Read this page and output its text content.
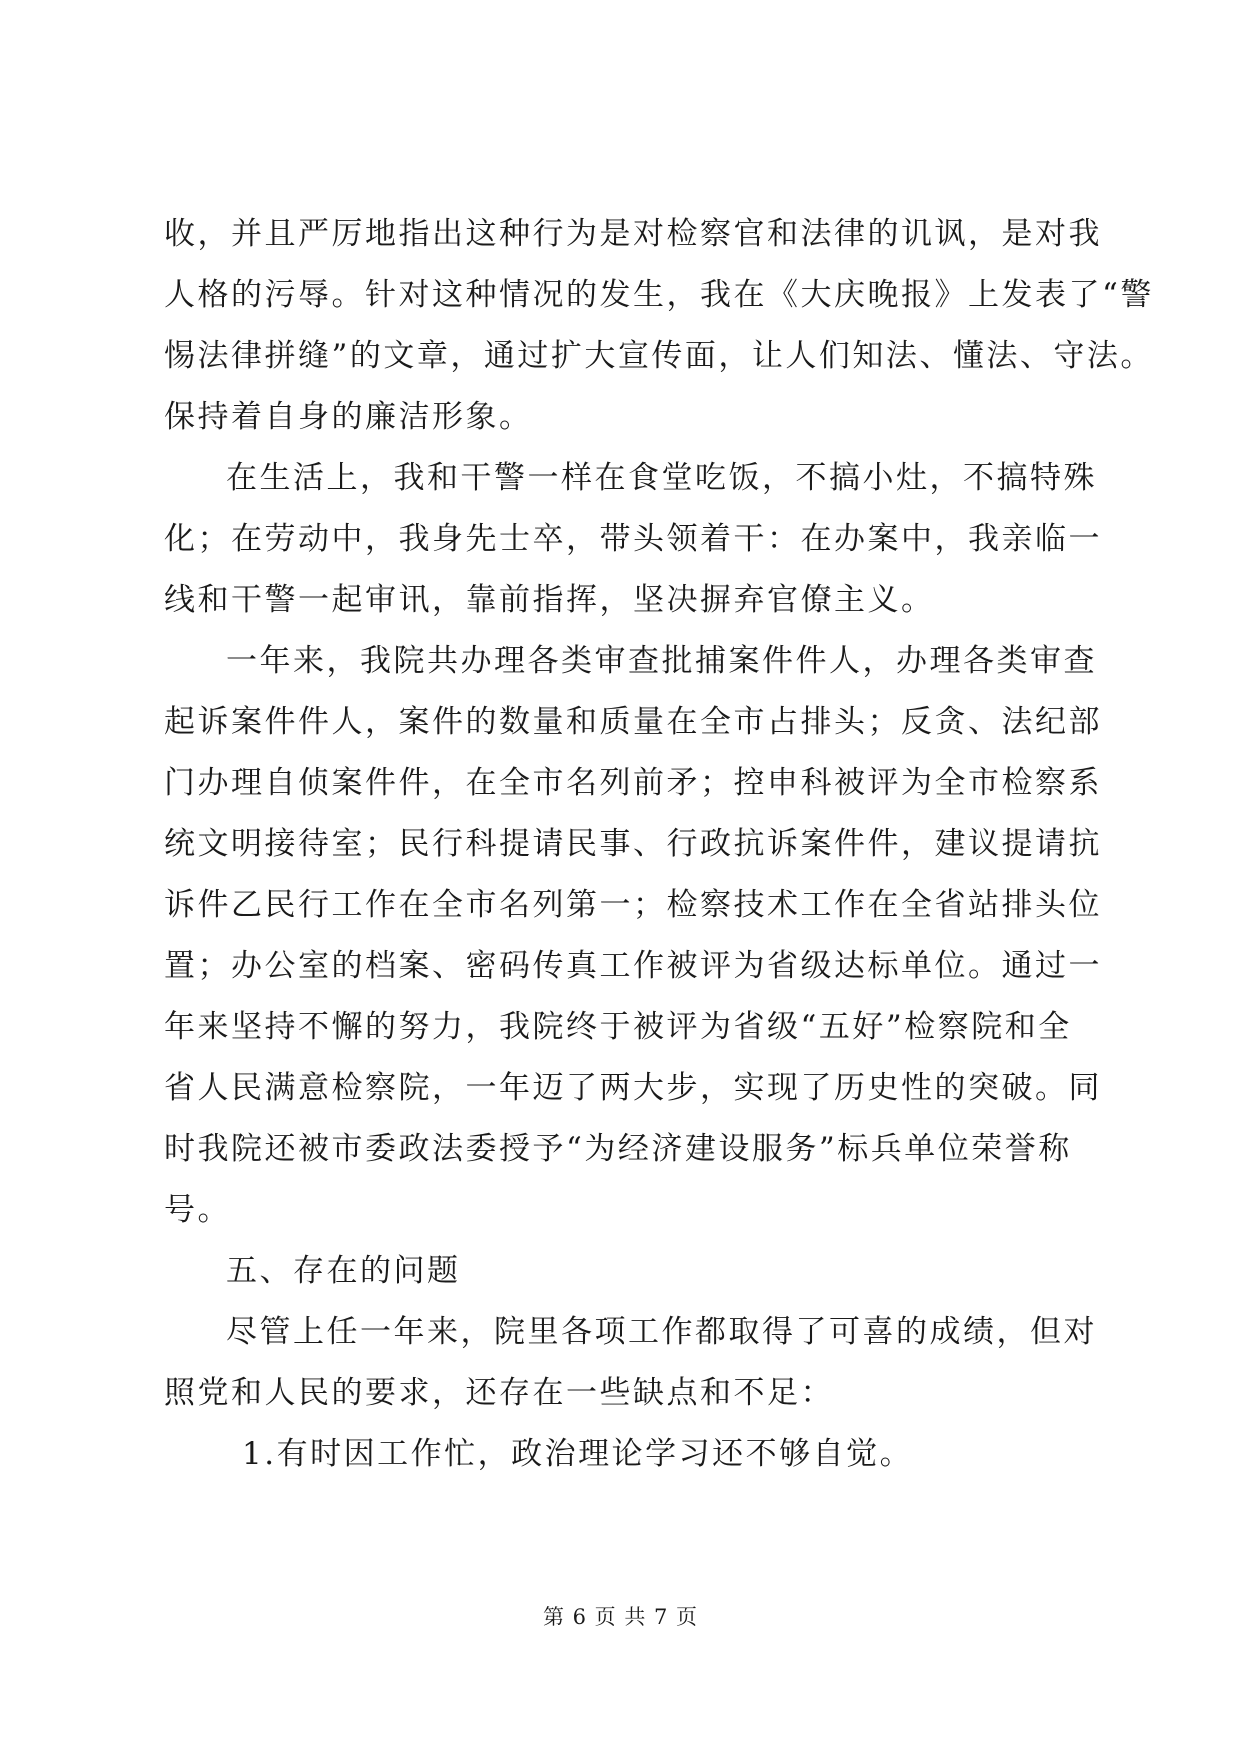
收，并且严厉地指出这种行为是对检察官和法律的讥讽，是对我
人格的污辱。针对这种情况的发生，我在《大庆晚报》上发表了“警
惕法律拼缝”的文章，通过扩大宣传面，让人们知法、懂法、守法。
保持着自身的廉洁形象。
在生活上，我和干警一样在食堂吃饭，不搞小灶，不搞特殊
化；在劳动中，我身先士卒，带头领着干：在办案中，我亲临一
线和干警一起审讯，靠前指挥，坚决摒弃官僚主义。
一年来，我院共办理各类审查批捕案件件人，办理各类审查
起诉案件件人，案件的数量和质量在全市占排头；反贪、法纪部
门办理自侦案件件，在全市名列前矛；控申科被评为全市检察系
统文明接待室；民行科提请民事、行政抗诉案件件，建议提请抗
诉件乙民行工作在全市名列第一；检察技术工作在全省站排头位
置；办公室的档案、密码传真工作被评为省级达标单位。通过一
年来坚持不懈的努力，我院终于被评为省级“五好”检察院和全
省人民满意检察院，一年迈了两大步，实现了历史性的突破。同
时我院还被市委政法委授予“为经济建设服务”标兵单位荣誉称
号。
五、存在的问题
尽管上任一年来，院里各项工作都取得了可喜的成绩，但对
照党和人民的要求，还存在一些缺点和不足：
1.有时因工作忙，政治理论学习还不够自觉。
第 6 页 共 7 页
